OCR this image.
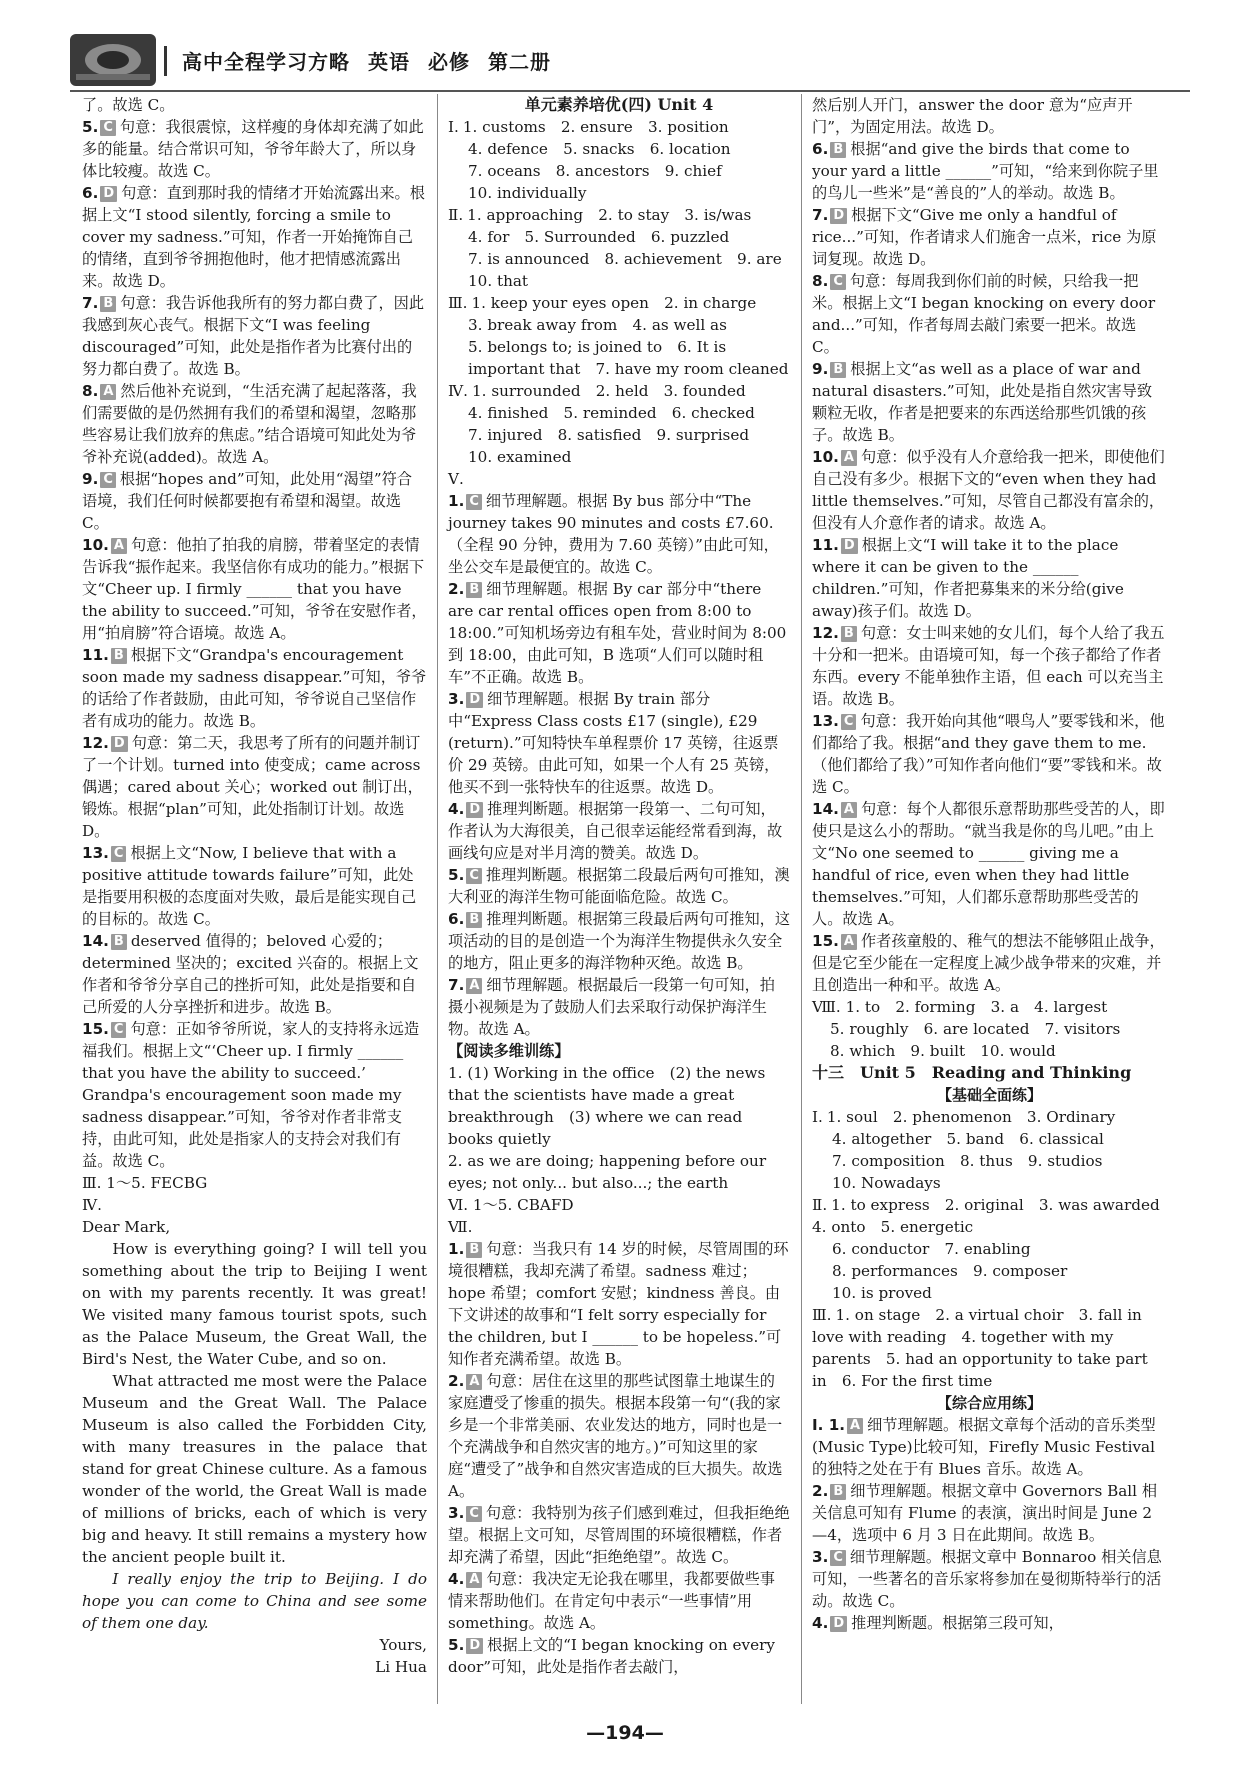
高中全程学习方略 英语 必修 第二册

了。故选 C。

5. C 句意：我很震惊，这样瘦的身体却充满了如此多的能量。结合常识可知，爷爷年龄大了，所以身体比较瘦。故选 C。

6. D 句意：直到那时我的情绪才开始流露出来。根据上文“I stood silently, forcing a smile to cover my sadness.”可知，作者一开始掩饰自己的情绪，直到爷爷拥抱他时，他才把情感流露出来。故选 D。

7. B 句意：我告诉他我所有的努力都白费了，因此我感到灰心丧气。根据下文“I was feeling discouraged”可知，此处是指作者为比赛付出的努力都白费了。故选 B。

8. A 然后他补充说到，“生活充满了起起落落，我们需要做的是仍然拥有我们的希望和渴望，忽略那些容易让我们放弃的焦虑。”结合语境可知此处为爷爷补充说(added)。故选 A。

9. C 根据“hopes and”可知，此处用“渴望”符合语境，我们任何时候都要抱有希望和渴望。故选 C。

10. A 句意：他拍了拍我的肩膀，带着坚定的表情告诉我“振作起来。我坚信你有成功的能力。”根据下文“Cheer up. I firmly ______ that you have the ability to succeed.”可知，爷爷在安慰作者，用“拍肩膀”符合语境。故选 A。

11. B 根据下文“Grandpa's encouragement soon made my sadness disappear.”可知，爷爷的话给了作者鼓励，由此可知，爷爷说自己坚信作者有成功的能力。故选 B。

12. D 句意：第二天，我思考了所有的问题并制订了一个计划。turned into 使变成；came across 偶遇；cared about 关心；worked out 制订出，锻炼。根据“plan”可知，此处指制订计划。故选 D。

13. C 根据上文“Now, I believe that with a positive attitude towards failure”可知，此处是指要用积极的态度面对失败，最后是能实现自己的目标的。故选 C。

14. B deserved 值得的；beloved 心爱的；determined 坚决的；excited 兴奋的。根据上文作者和爷爷分享自己的挫折可知，此处是指要和自己所爱的人分享挫折和进步。故选 B。

15. C 句意：正如爷爷所说，家人的支持将永远造福我们。根据上文“‘Cheer up. I firmly ______ that you have the ability to succeed.’ Grandpa's encouragement soon made my sadness disappear.”可知，爷爷对作者非常支持，由此可知，此处是指家人的支持会对我们有益。故选 C。

Ⅲ. 1～5. FECBG

Ⅳ.

Dear Mark,

How is everything going? I will tell you something about the trip to Beijing I went on with my parents recently. It was great! We visited many famous tourist spots, such as the Palace Museum, the Great Wall, the Bird's Nest, the Water Cube, and so on.

What attracted me most were the Palace Museum and the Great Wall. The Palace Museum is also called the Forbidden City, with many treasures in the palace that stand for great Chinese culture. As a famous wonder of the world, the Great Wall is made of millions of bricks, each of which is very big and heavy. It still remains a mystery how the ancient people built it.

I really enjoy the trip to Beijing. I do hope you can come to China and see some of them one day.

Yours,

Li Hua

单元素养培优(四) Unit 4

Ⅰ. 1. customs　2. ensure　3. position

4. defence　5. snacks　6. location

7. oceans　8. ancestors　9. chief

10. individually

Ⅱ. 1. approaching　2. to stay　3. is/was

4. for　5. Surrounded　6. puzzled

7. is announced　8. achievement　9. are

10. that

Ⅲ. 1. keep your eyes open　2. in charge

3. break away from　4. as well as

5. belongs to; is joined to　6. It is important that　7. have my room cleaned

Ⅳ. 1. surrounded　2. held　3. founded

4. finished　5. reminded　6. checked

7. injured　8. satisfied　9. surprised

10. examined

Ⅴ.

1. C 细节理解题。根据 By bus 部分中“The journey takes 90 minutes and costs £7.60.（全程 90 分钟，费用为 7.60 英镑）”由此可知，坐公交车是最便宜的。故选 C。

2. B 细节理解题。根据 By car 部分中“there are car rental offices open from 8:00 to 18:00.”可知机场旁边有租车处，营业时间为 8:00到 18:00，由此可知，B 选项“人们可以随时租车”不正确。故选 B。

3. D 细节理解题。根据 By train 部分中“Express Class costs £17 (single), £29 (return).”可知特快车单程票价 17 英镑，往返票价 29 英镑。由此可知，如果一个人有 25 英镑，他买不到一张特快车的往返票。故选 D。

4. D 推理判断题。根据第一段第一、二句可知，作者认为大海很美，自己很幸运能经常看到海，故画线句应是对半月湾的赞美。故选 D。

5. C 推理判断题。根据第二段最后两句可推知，澳大利亚的海洋生物可能面临危险。故选 C。

6. B 推理判断题。根据第三段最后两句可推知，这项活动的目的是创造一个为海洋生物提供永久安全的地方，阻止更多的海洋物种灭绝。故选 B。

7. A 细节理解题。根据最后一段第一句可知，拍摄小视频是为了鼓励人们去采取行动保护海洋生物。故选 A。

【阅读多维训练】

1. (1) Working in the office　(2) the news that the scientists have made a great breakthrough　(3) where we can read books quietly

2. as we are doing; happening before our eyes; not only... but also...; the earth

Ⅵ. 1～5. CBAFD

Ⅶ.

1. B 句意：当我只有 14 岁的时候，尽管周围的环境很糟糕，我却充满了希望。sadness 难过；hope 希望；comfort 安慰；kindness 善良。由下文讲述的故事和“I felt sorry especially for the children, but I ______ to be hopeless.”可知作者充满希望。故选 B。

2. A 句意：居住在这里的那些试图靠土地谋生的家庭遭受了惨重的损失。根据本段第一句“(我的家乡是一个非常美丽、农业发达的地方，同时也是一个充满战争和自然灾害的地方。)”可知这里的家庭“遭受了”战争和自然灾害造成的巨大损失。故选 A。

3. C 句意：我特别为孩子们感到难过，但我拒绝绝望。根据上文可知，尽管周围的环境很糟糕，作者却充满了希望，因此“拒绝绝望”。故选 C。

4. A 句意：我决定无论我在哪里，我都要做些事情来帮助他们。在肯定句中表示“一些事情”用 something。故选 A。

5. D 根据上文的“I began knocking on every door”可知，此处是指作者去敲门，

然后别人开门，answer the door 意为“应声开门”，为固定用法。故选 D。

6. B 根据“and give the birds that come to your yard a little ______”可知，“给来到你院子里的鸟儿一些米”是“善良的”人的举动。故选 B。

7. D 根据下文“Give me only a handful of rice...”可知，作者请求人们施舍一点米，rice 为原词复现。故选 D。

8. C 句意：每周我到你们前的时候，只给我一把米。根据上文“I began knocking on every door and...”可知，作者每周去敲门索要一把米。故选 C。

9. B 根据上文“as well as a place of war and natural disasters.”可知，此处是指自然灾害导致颗粒无收，作者是把要来的东西送给那些饥饿的孩子。故选 B。

10. A 句意：似乎没有人介意给我一把米，即使他们自己没有多少。根据下文的“even when they had little themselves.”可知，尽管自己都没有富余的，但没有人介意作者的请求。故选 A。

11. D 根据上文“I will take it to the place where it can be given to the ______ children.”可知，作者把募集来的米分给(give away)孩子们。故选 D。

12. B 句意：女士叫来她的女儿们，每个人给了我五十分和一把米。由语境可知，每一个孩子都给了作者东西。every 不能单独作主语，但 each 可以充当主语。故选 B。

13. C 句意：我开始向其他“喂鸟人”要零钱和米，他们都给了我。根据“and they gave them to me.（他们都给了我）”可知作者向他们“要”零钱和米。故选 C。

14. A 句意：每个人都很乐意帮助那些受苦的人，即使只是这么小的帮助。“就当我是你的鸟儿吧。”由上文“No one seemed to ______ giving me a handful of rice, even when they had little themselves.”可知，人们都乐意帮助那些受苦的人。故选 A。

15. A 作者孩童般的、稚气的想法不能够阻止战争，但是它至少能在一定程度上减少战争带来的灾难，并且创造出一种和平。故选 A。

Ⅷ. 1. to　2. forming　3. a　4. largest

5. roughly　6. are located　7. visitors

8. which　9. built　10. would

十三　Unit 5　Reading and Thinking

【基础全面练】

Ⅰ. 1. soul　2. phenomenon　3. Ordinary

4. altogether　5. band　6. classical

7. composition　8. thus　9. studios

10. Nowadays

Ⅱ. 1. to express　2. original　3. was awarded　4. onto　5. energetic

6. conductor　7. enabling

8. performances　9. composer

10. is proved

Ⅲ. 1. on stage　2. a virtual choir　3. fall in love with reading　4. together with my parents　5. had an opportunity to take part in　6. For the first time

【综合应用练】

Ⅰ. 1. A 细节理解题。根据文章每个活动的音乐类型(Music Type)比较可知，Firefly Music Festival 的独特之处在于有 Blues 音乐。故选 A。

2. B 细节理解题。根据文章中 Governors Ball 相关信息可知有 Flume 的表演，演出时间是 June 2—4，选项中 6 月 3 日在此期间。故选 B。

3. C 细节理解题。根据文章中 Bonnaroo 相关信息可知，一些著名的音乐家将参加在曼彻斯特举行的活动。故选 C。

4. D 推理判断题。根据第三段可知，

—194—
